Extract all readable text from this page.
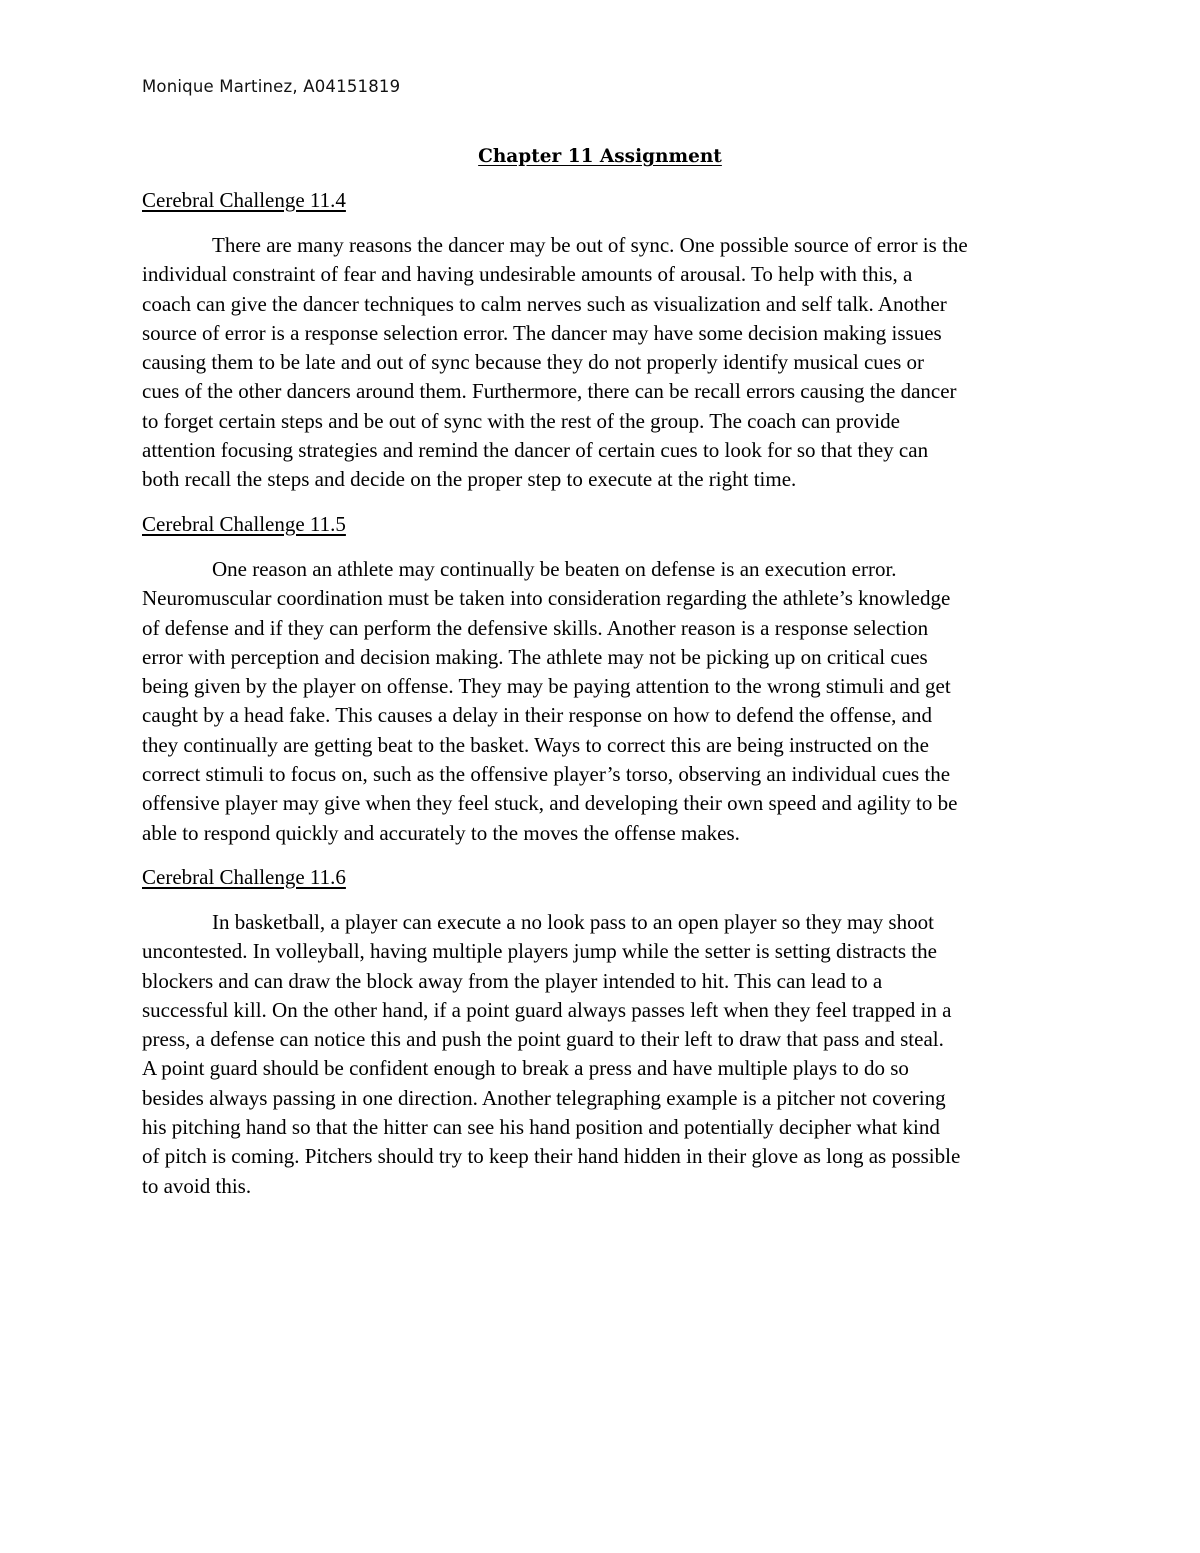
Monique Martinez, A04151819
Chapter 11 Assignment
Cerebral Challenge 11.4

There are many reasons the dancer may be out of sync. One possible source of error is the
individual constraint of fear and having undesirable amounts of arousal. To help with this, a
coach can give the dancer techniques to calm nerves such as visualization and self talk. Another
source of error is a response selection error. The dancer may have some decision making issues
causing them to be late and out of sync because they do not properly identify musical cues or
cues of the other dancers around them. Furthermore, there can be recall errors causing the dancer
to forget certain steps and be out of sync with the rest of the group. The coach can provide
attention focusing strategies and remind the dancer of certain cues to look for so that they can
both recall the steps and decide on the proper step to execute at the right time.

Cerebral Challenge 11.5

One reason an athlete may continually be beaten on defense is an execution error.
Neuromuscular coordination must be taken into consideration regarding the athlete’s knowledge
of defense and if they can perform the defensive skills. Another reason is a response selection
error with perception and decision making. The athlete may not be picking up on critical cues
being given by the player on offense. They may be paying attention to the wrong stimuli and get
caught by a head fake. This causes a delay in their response on how to defend the offense, and
they continually are getting beat to the basket. Ways to correct this are being instructed on the
correct stimuli to focus on, such as the offensive player’s torso, observing an individual cues the
offensive player may give when they feel stuck, and developing their own speed and agility to be
able to respond quickly and accurately to the moves the offense makes.

Cerebral Challenge 11.6

In basketball, a player can execute a no look pass to an open player so they may shoot
uncontested. In volleyball, having multiple players jump while the setter is setting distracts the
blockers and can draw the block away from the player intended to hit. This can lead to a
successful kill. On the other hand, if a point guard always passes left when they feel trapped in a
press, a defense can notice this and push the point guard to their left to draw that pass and steal.
A point guard should be confident enough to break a press and have multiple plays to do so
besides always passing in one direction. Another telegraphing example is a pitcher not covering
his pitching hand so that the hitter can see his hand position and potentially decipher what kind
of pitch is coming. Pitchers should try to keep their hand hidden in their glove as long as possible
to avoid this.
